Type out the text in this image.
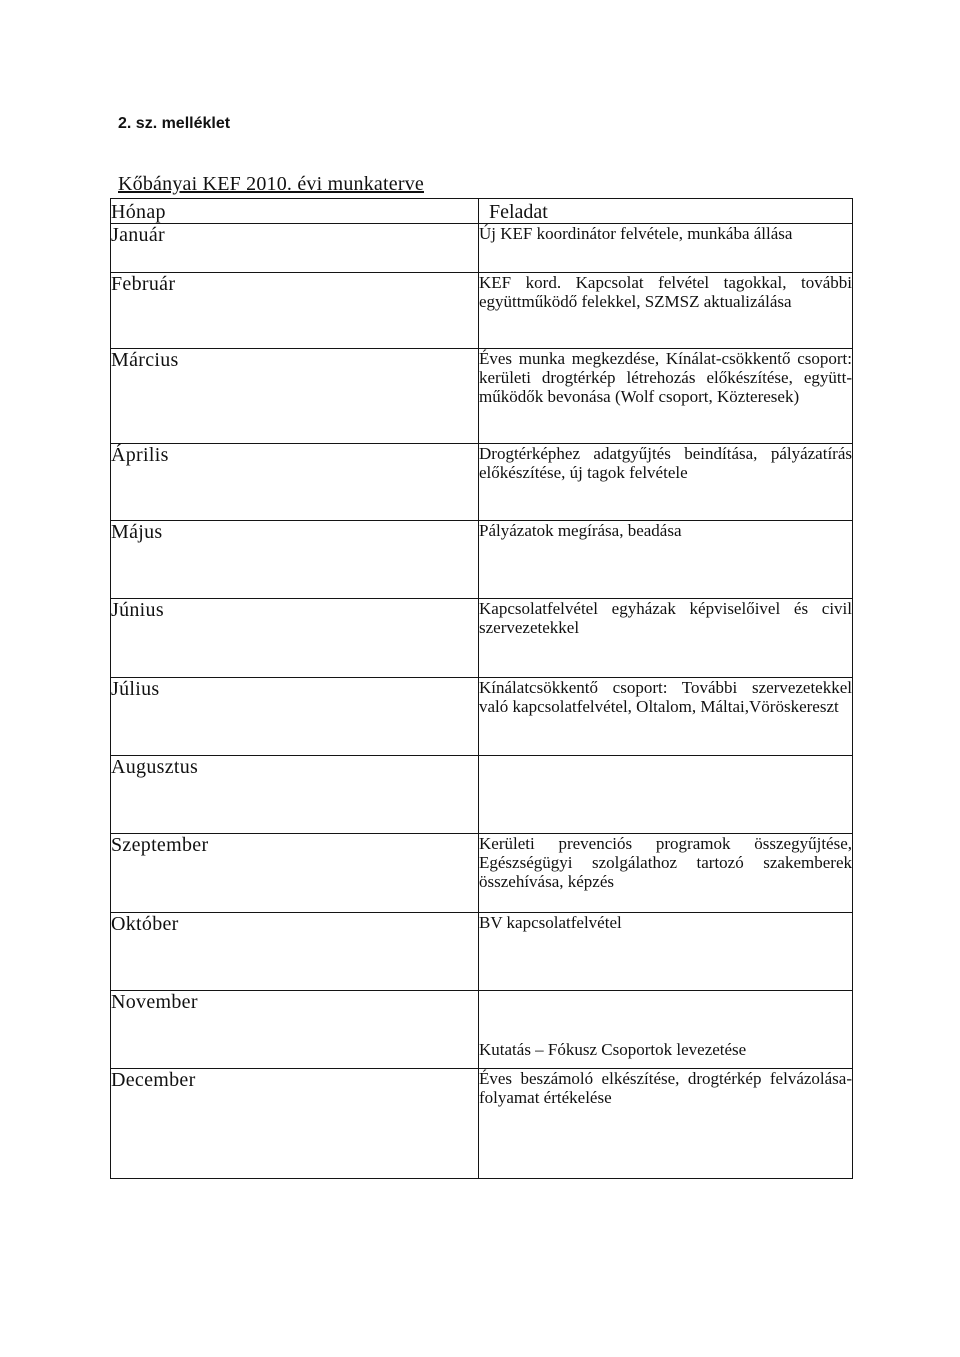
2. sz. melléklet
Kőbányai KEF 2010. évi munkaterve
Hónap	Feladat
Január	Új KEF koordinátor felvétele, munkába állása
Február	KEF kord. Kapcsolat felvétel tagokkal, további együttműködő felekkel, SZMSZ aktualizálása
Március	Éves munka megkezdése, Kínálat-csökkentő csoport: kerületi drogtérkép létrehozás előkészítése, együtt-működők bevonása (Wolf csoport, Közteresek)
Április	Drogtérképhez adatgyűjtés beindítása, pályázatírás előkészítése, új tagok felvétele
Május	Pályázatok megírása, beadása
Június	Kapcsolatfelvétel egyházak képviselőivel és civil szervezetekkel
Július	Kínálatcsökkentő csoport: További szervezetekkel való kapcsolatfelvétel, Oltalom, Máltai,Vöröskereszt
Augusztus	
Szeptember	Kerületi prevenciós programok összegyűjtése, Egészségügyi szolgálathoz tartozó szakemberek összehívása, képzés
Október	BV kapcsolatfelvétel
November	Kutatás – Fókusz Csoportok levezetése
December	Éves beszámoló elkészítése, drogtérkép felvázolása- folyamat értékelése
